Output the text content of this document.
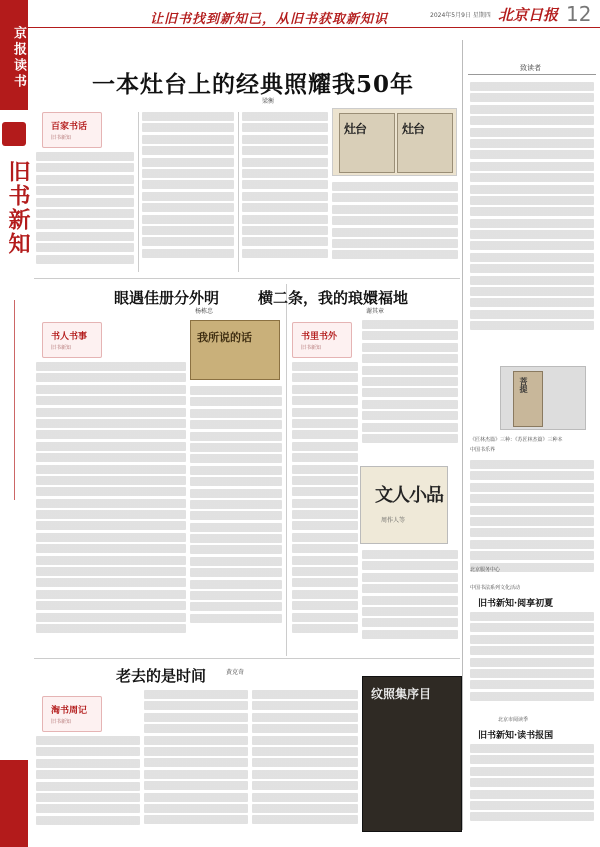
京报读书
旧书新知
让旧书找到新知己，从旧书获取新知识	2024年5月9日 星期四 北京日报 12
一本灶台上的经典照耀我50年
梁衡
百家书话
旧书新知
灶台	灶台
致读者
菩提
《匠林杰篇》三种：《苏匠林杰篇》三种本
中国书乐界
中国书法系列文化活动
旧书新知·阅享初夏
北京市阅读季
旧书新知·读书报国
北京服务中心
眼遇佳册分外明
杨栋忠
书人书事
旧书新知
我所说的话
横二条，我的琅嬛福地
谢其章
书里书外
旧书新知
文人小品
周作人等
老去的是时间	黄克奇
淘书周记
旧书新知
纹照集序目
